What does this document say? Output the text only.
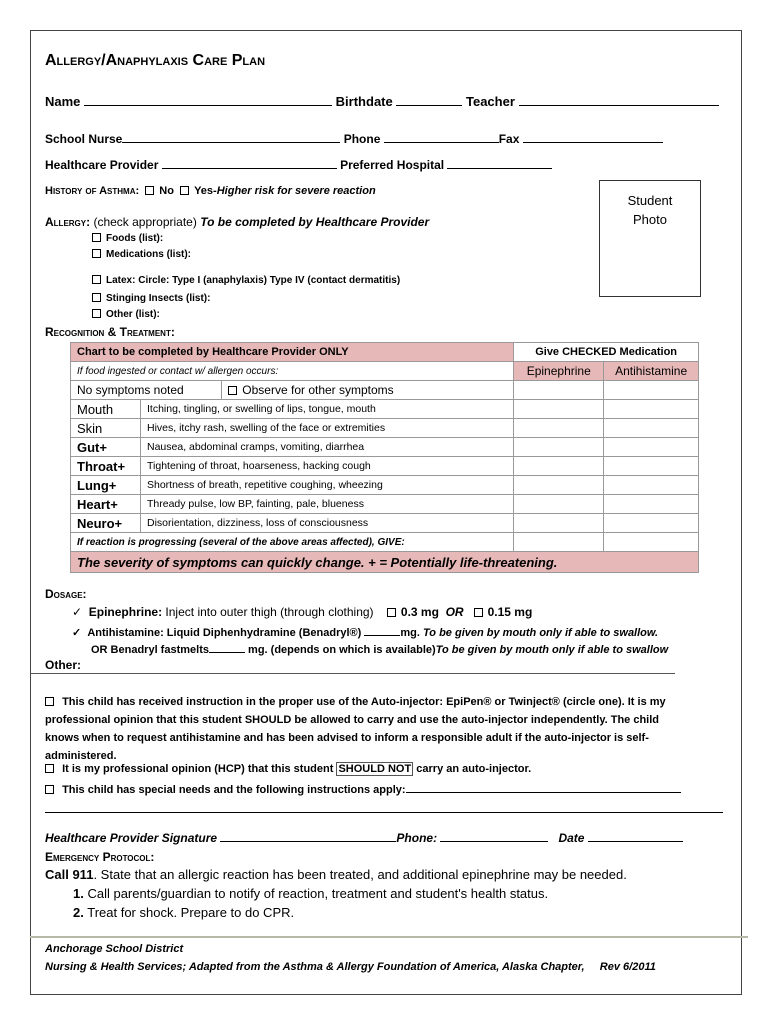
Allergy/Anaphylaxis Care Plan
Name	Birthdate	Teacher
School Nurse	Phone	Fax
Healthcare Provider	Preferred Hospital
History of Asthma: No Yes-Higher risk for severe reaction
Student
Photo
Allergy: (check appropriate) To be completed by Healthcare Provider
Foods (list):
Medications (list):
Latex: Circle: Type I (anaphylaxis) Type IV (contact dermatitis)
Stinging Insects (list):
Other (list):
Recognition & Treatment:
Chart to be completed by Healthcare Provider ONLY			Give CHECKED Medication	
If food ingested or contact w/ allergen occurs:			Epinephrine	Antihistamine
No symptoms noted		Observe for other symptoms		
Mouth	Itching, tingling, or swelling of lips, tongue, mouth			
Skin	Hives, itchy rash, swelling of the face or extremities			
Gut+	Nausea, abdominal cramps, vomiting, diarrhea			
Throat+	Tightening of throat, hoarseness, hacking cough			
Lung+	Shortness of breath, repetitive coughing, wheezing			
Heart+	Thready pulse, low BP, fainting, pale, blueness			
Neuro+	Disorientation, dizziness, loss of consciousness			
If reaction is progressing (several of the above areas affected), GIVE:				
The severity of symptoms can quickly change. + = Potentially life-threatening.				
Dosage:
✓ Epinephrine: Inject into outer thigh (through clothing) 0.3 mg OR 0.15 mg
✓ Antihistamine: Liquid Diphenhydramine (Benadryl®)	mg. To be given by mouth only if able to swallow.
OR Benadryl fastmelts	mg. (depends on which is available)To be given by mouth only if able to swallow
Other:
This child has received instruction in the proper use of the Auto-injector: EpiPen® or Twinject® (circle one). It is my
professional opinion that this student SHOULD be allowed to carry and use the auto-injector independently. The child
knows when to request antihistamine and has been advised to inform a responsible adult if the auto-injector is self-
administered.
It is my professional opinion (HCP) that this student SHOULD NOT carry an auto-injector.
This child has special needs and the following instructions apply:
Healthcare Provider Signature	Phone:	Date
Emergency Protocol:
Call 911. State that an allergic reaction has been treated, and additional epinephrine may be needed.
1. Call parents/guardian to notify of reaction, treatment and student's health status.
2. Treat for shock. Prepare to do CPR.
Anchorage School District
Nursing & Health Services; Adapted from the Asthma & Allergy Foundation of America, Alaska Chapter, Rev 6/2011
